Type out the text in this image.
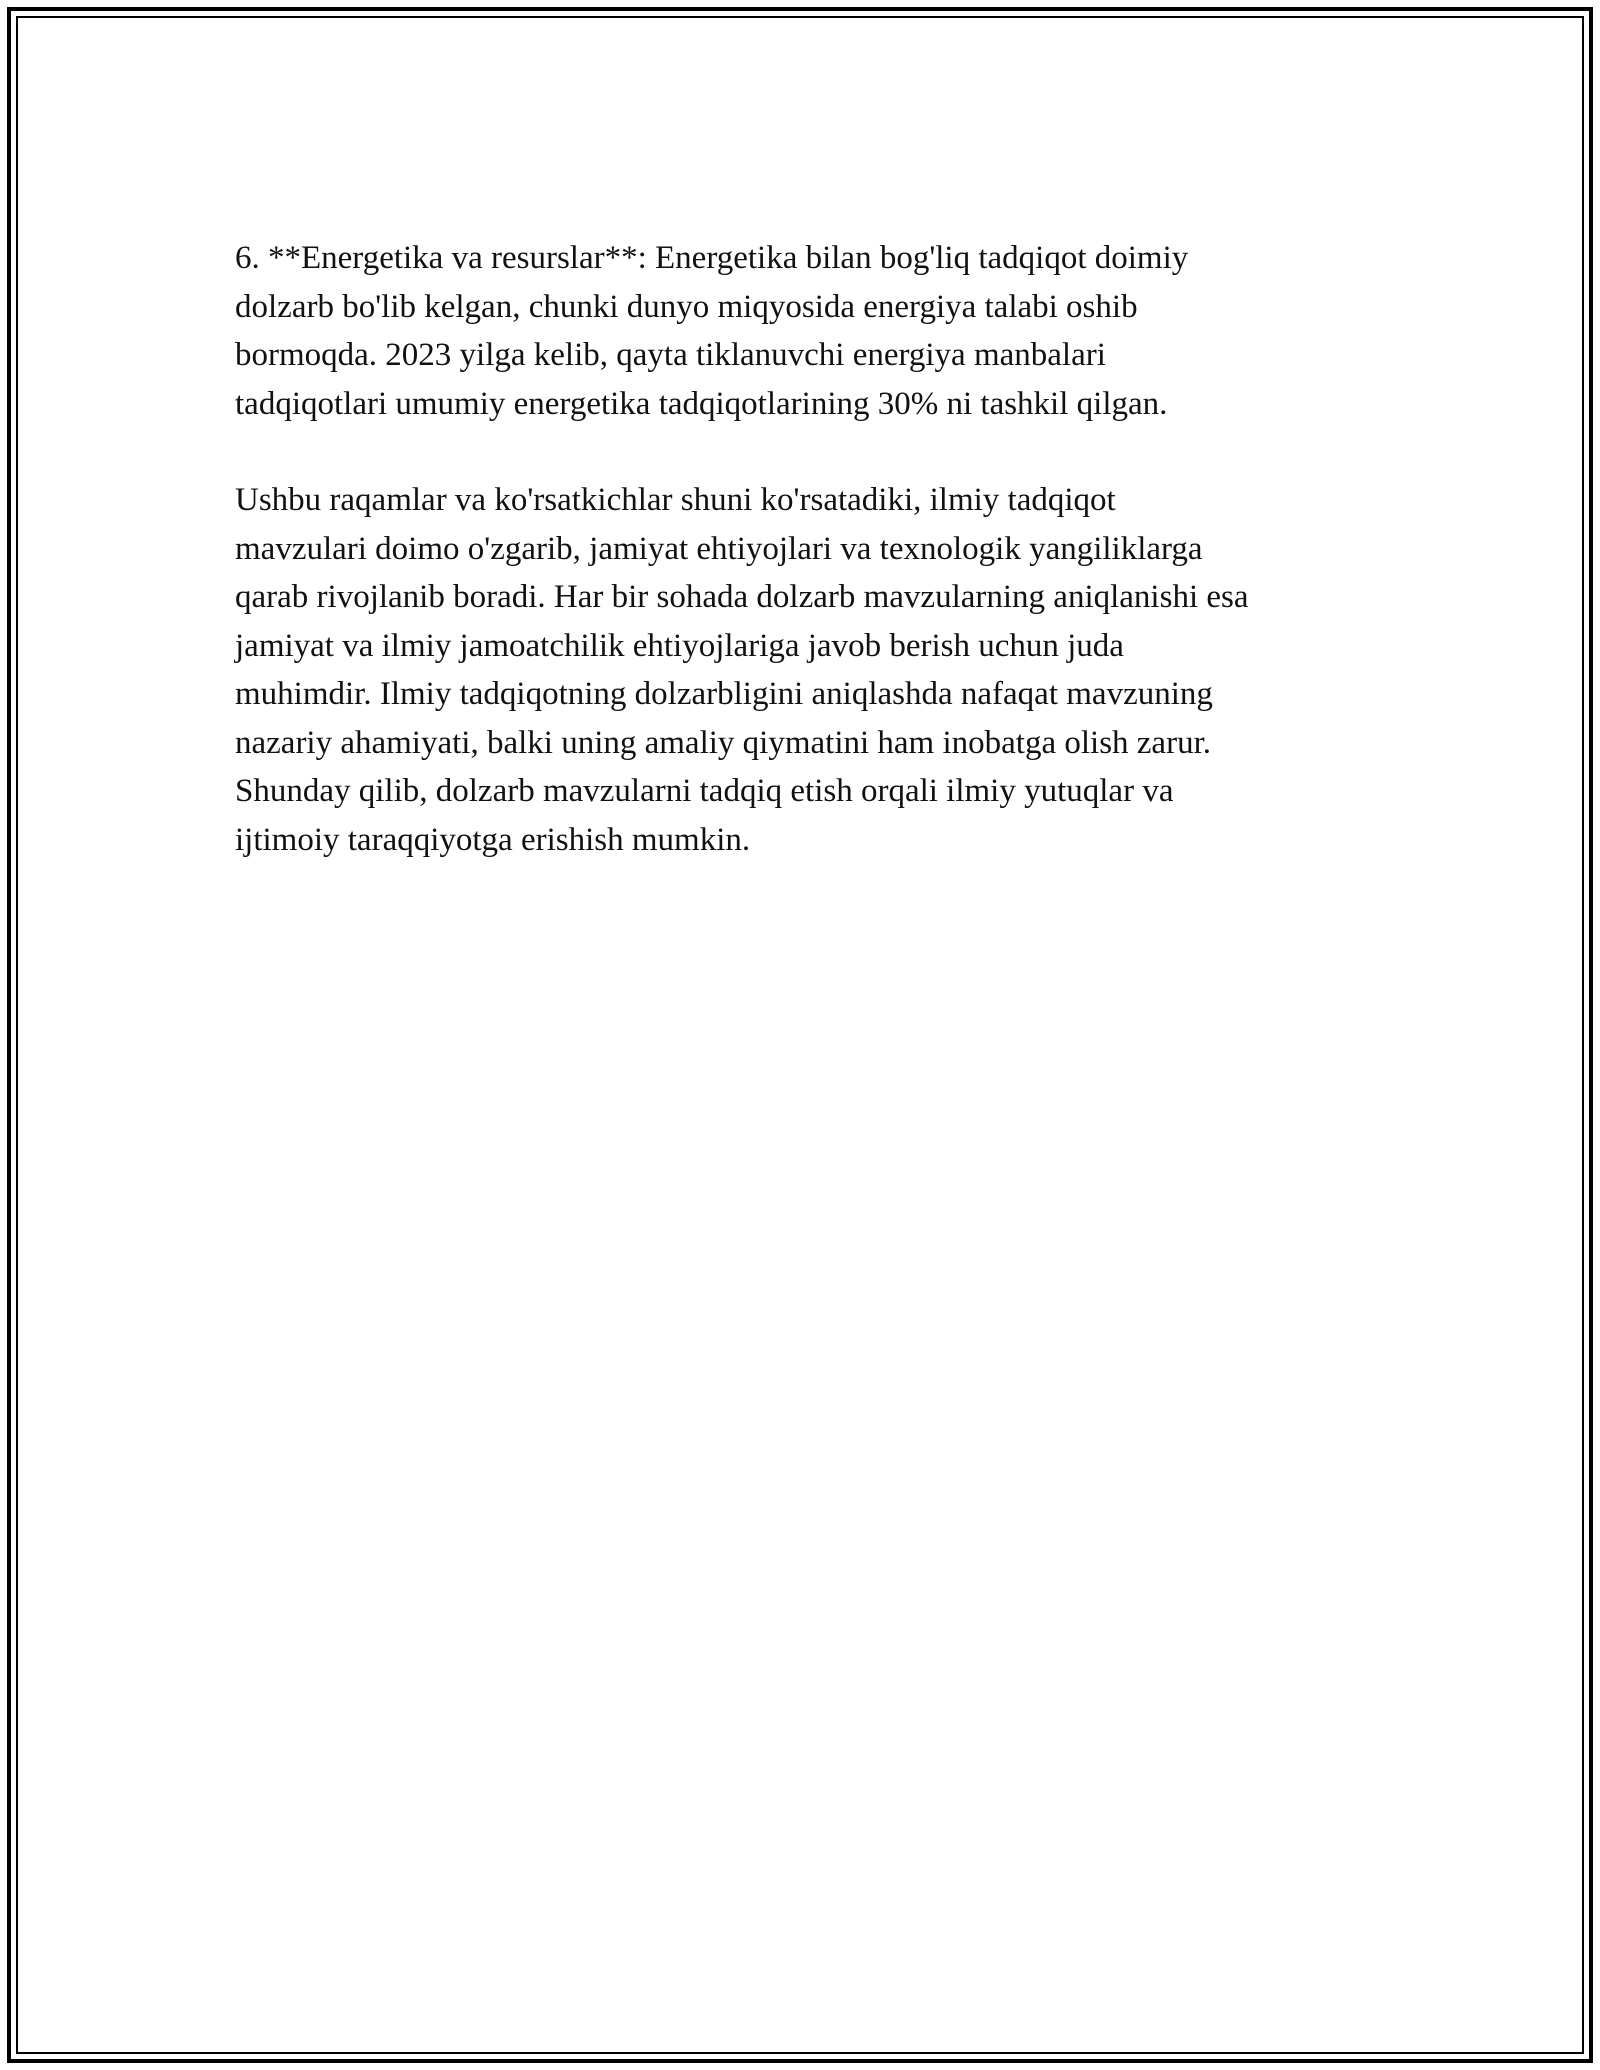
6. **Energetika va resurslar**: Energetika bilan bog'liq tadqiqot doimiy
dolzarb bo'lib kelgan, chunki dunyo miqyosida energiya talabi oshib
bormoqda. 2023 yilga kelib, qayta tiklanuvchi energiya manbalari
tadqiqotlari umumiy energetika tadqiqotlarining 30% ni tashkil qilgan.

Ushbu raqamlar va ko'rsatkichlar shuni ko'rsatadiki, ilmiy tadqiqot
mavzulari doimo o'zgarib, jamiyat ehtiyojlari va texnologik yangiliklarga
qarab rivojlanib boradi. Har bir sohada dolzarb mavzularning aniqlanishi esa
jamiyat va ilmiy jamoatchilik ehtiyojlariga javob berish uchun juda
muhimdir. Ilmiy tadqiqotning dolzarbligini aniqlashda nafaqat mavzuning
nazariy ahamiyati, balki uning amaliy qiymatini ham inobatga olish zarur.
Shunday qilib, dolzarb mavzularni tadqiq etish orqali ilmiy yutuqlar va
ijtimoiy taraqqiyotga erishish mumkin.
